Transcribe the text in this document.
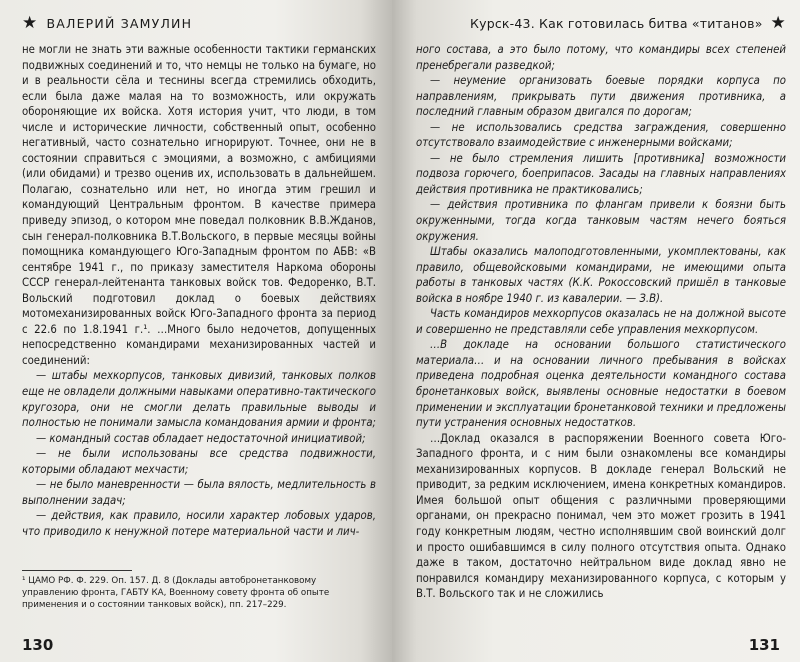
★ ВАЛЕРИЙ ЗАМУЛИН

не могли не знать эти важные особенности тактики германских подвижных соединений и то, что немцы не только на бумаге, но и в реальности сёла и теснины всегда стремились обходить, если была даже малая на то возможность, или окружать обороняющие их войска. Хотя история учит, что люди, в том числе и исторические личности, собственный опыт, особенно негативный, часто сознательно игнорируют. Точнее, они не в состоянии справиться с эмоциями, а возможно, с амбициями (или обидами) и трезво оценив их, использовать в дальнейшем. Полагаю, сознательно или нет, но иногда этим грешил и командующий Центральным фронтом. В качестве примера приведу эпизод, о котором мне поведал полковник В.В.Жданов, сын генерал-полковника В.Т.Вольского, в первые месяцы войны помощника командующего Юго-Западным фронтом по АБВ: «В сентябре 1941 г., по приказу заместителя Наркома обороны СССР генерал-лейтенанта танковых войск тов. Федоренко, В.Т. Вольский подготовил доклад о боевых действиях мотомеханизированных войск Юго-Западного фронта за период с 22.6 по 1.8.1941 г.¹. …Много было недочетов, допущенных непосредственно командирами механизированных частей и соединений:

— штабы мехкорпусов, танковых дивизий, танковых полков еще не овладели должными навыками оперативно-тактического кругозора, они не смогли делать правильные выводы и полностью не понимали замысла командования армии и фронта;

— командный состав обладает недостаточной инициативой;

— не были использованы все средства подвижности, которыми обладают мехчасти;

— не было маневренности — была вялость, медлительность в выполнении задач;

— действия, как правило, носили характер лобовых ударов, что приводило к ненужной потере материальной части и лич-

¹ ЦАМО РФ. Ф. 229. Оп. 157. Д. 8 (Доклады автобронетанковому управлению фронта, ГАБТУ КА, Военному совету фронта об опыте применения и о состоянии танковых войск), пп. 217–229.
130
Курск-43. Как готовилась битва «титанов» ★

ного состава, а это было потому, что командиры всех степеней пренебрегали разведкой;

— неумение организовать боевые порядки корпуса по направлениям, прикрывать пути движения противника, а последний главным образом двигался по дорогам;

— не использовались средства заграждения, совершенно отсутствовало взаимодействие с инженерными войсками;

— не было стремления лишить [противника] возможности подвоза горючего, боеприпасов. Засады на главных направлениях действия противника не практиковались;

— действия противника по флангам привели к боязни быть окруженными, тогда когда танковым частям нечего бояться окружения.

Штабы оказались малоподготовленными, укомплектованы, как правило, общевойсковыми командирами, не имеющими опыта работы в танковых частях (К.К. Рокоссовский пришёл в танковые войска в ноябре 1940 г. из кавалерии. — З.В).

Часть командиров мехкорпусов оказалась не на должной высоте и совершенно не представляли себе управления мехкорпусом.

…В докладе на основании большого статистического материала… и на основании личного пребывания в войсках приведена подробная оценка деятельности командного состава бронетанковых войск, выявлены основные недостатки в боевом применении и эксплуатации бронетанковой техники и предложены пути устранения основных недостатков.

…Доклад оказался в распоряжении Военного совета Юго-Западного фронта, и с ним были ознакомлены все командиры механизированных корпусов. В докладе генерал Вольский не приводит, за редким исключением, имена конкретных командиров. Имея большой опыт общения с различными проверяющими органами, он прекрасно понимал, чем это может грозить в 1941 году конкретным людям, честно исполнявшим свой воинский долг и просто ошибавшимся в силу полного отсутствия опыта. Однако даже в таком, достаточно нейтральном виде доклад явно не понравился командиру механизированного корпуса, с которым у В.Т. Вольского так и не сложились

131
